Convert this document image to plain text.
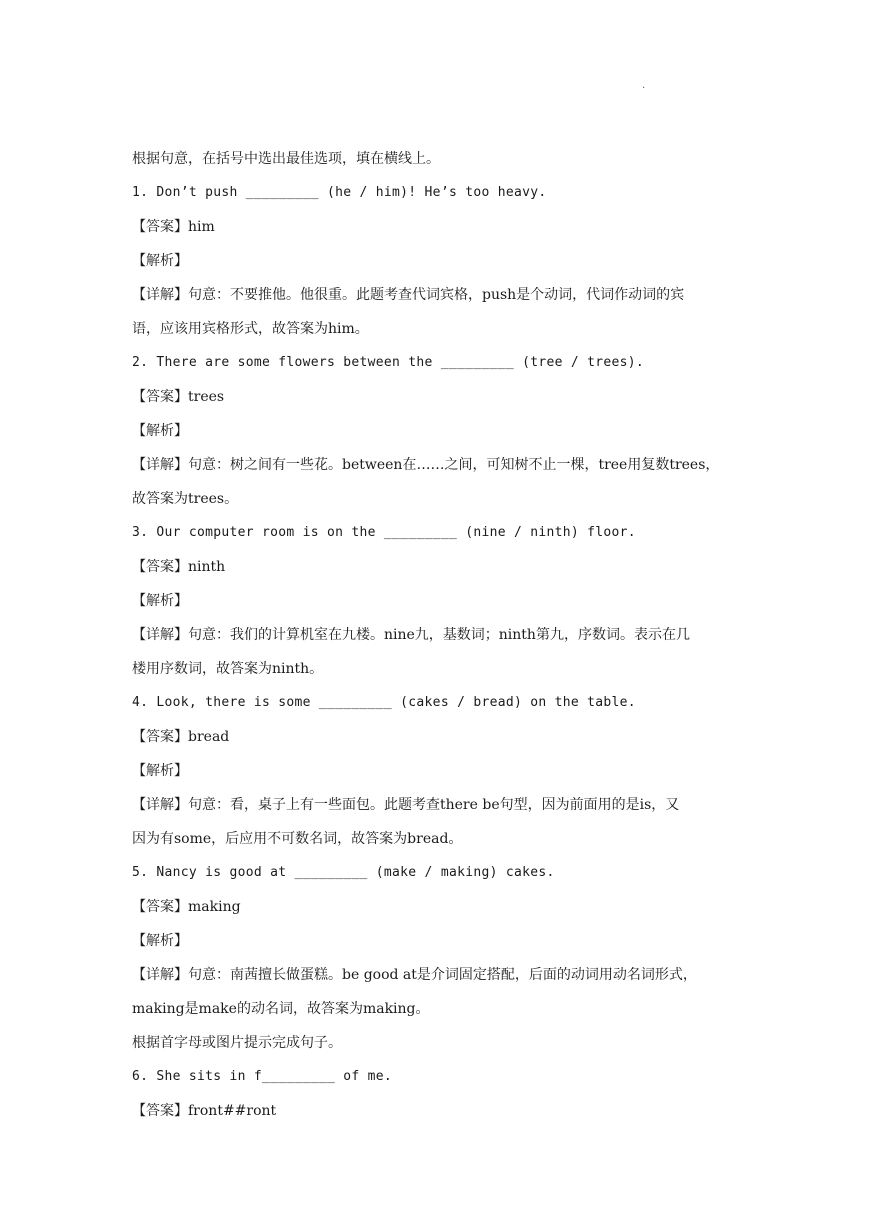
.
根据句意，在括号中选出最佳选项，填在横线上。
1. Don’t push _________ (he / him)! He’s too heavy.
【答案】him
【解析】
【详解】句意：不要推他。他很重。此题考查代词宾格，push是个动词，代词作动词的宾
语，应该用宾格形式，故答案为him。
2. There are some flowers between the _________ (tree / trees).
【答案】trees
【解析】
【详解】句意：树之间有一些花。between在……之间，可知树不止一棵，tree用复数trees，
故答案为trees。
3. Our computer room is on the _________ (nine / ninth) floor.
【答案】ninth
【解析】
【详解】句意：我们的计算机室在九楼。nine九，基数词；ninth第九，序数词。表示在几
楼用序数词，故答案为ninth。
4. Look, there is some _________ (cakes / bread) on the table.
【答案】bread
【解析】
【详解】句意：看，桌子上有一些面包。此题考查there be句型，因为前面用的是is，又
因为有some，后应用不可数名词，故答案为bread。
5. Nancy is good at _________ (make / making) cakes.
【答案】making
【解析】
【详解】句意：南茜擅长做蛋糕。be good at是介词固定搭配，后面的动词用动名词形式，
making是make的动名词，故答案为making。
根据首字母或图片提示完成句子。
6. She sits in f_________ of me.
【答案】front##ront
